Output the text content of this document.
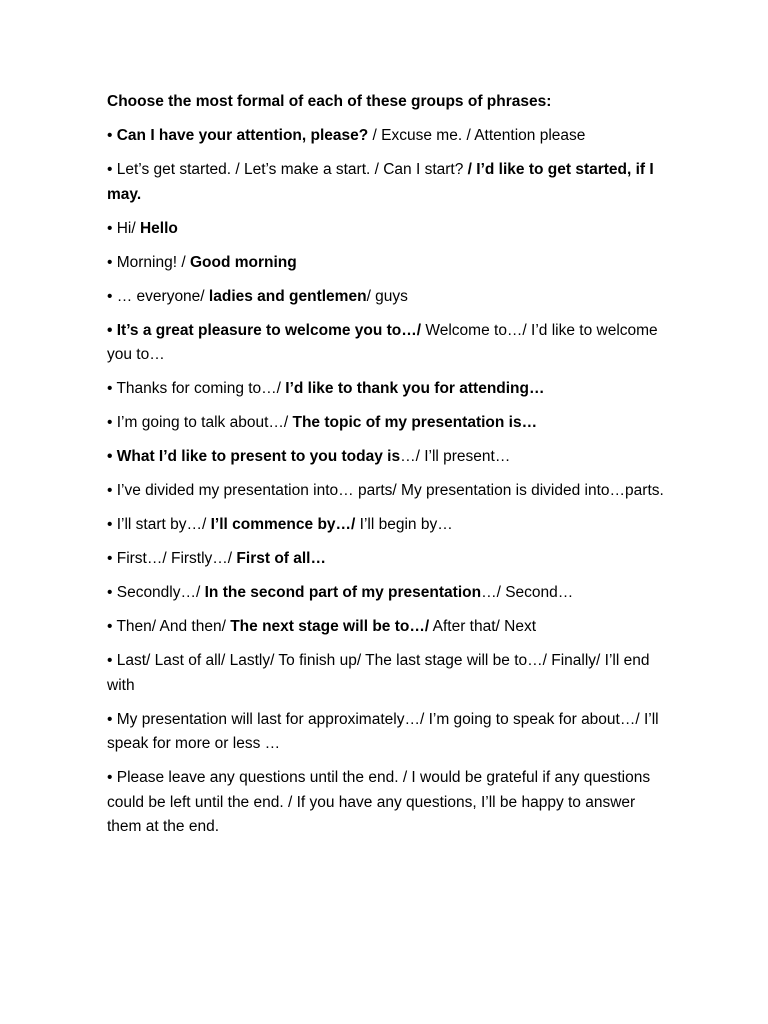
Choose the most formal of each of these groups of phrases:
• Can I have your attention, please? / Excuse me. / Attention please
• Let’s get started. / Let’s make a start. / Can I start? / I’d like to get started, if I may.
• Hi/ Hello
• Morning! / Good morning
• … everyone/ ladies and gentlemen/ guys
• It’s a great pleasure to welcome you to…/ Welcome to…/ I’d like to welcome you to…
• Thanks for coming to…/ I’d like to thank you for attending…
• I’m going to talk about…/ The topic of my presentation is…
• What I’d like to present to you today is…/ I’ll present…
• I’ve divided my presentation into… parts/ My presentation is divided into…parts.
• I’ll start by…/ I’ll commence by…/ I’ll begin by…
• First…/ Firstly…/ First of all…
• Secondly…/ In the second part of my presentation…/ Second…
• Then/ And then/ The next stage will be to…/ After that/ Next
• Last/ Last of all/ Lastly/ To finish up/ The last stage will be to…/ Finally/ I’ll end with
• My presentation will last for approximately…/ I’m going to speak for about…/ I’ll speak for more or less …
• Please leave any questions until the end. / I would be grateful if any questions could be left until the end. / If you have any questions, I’ll be happy to answer them at the end.
